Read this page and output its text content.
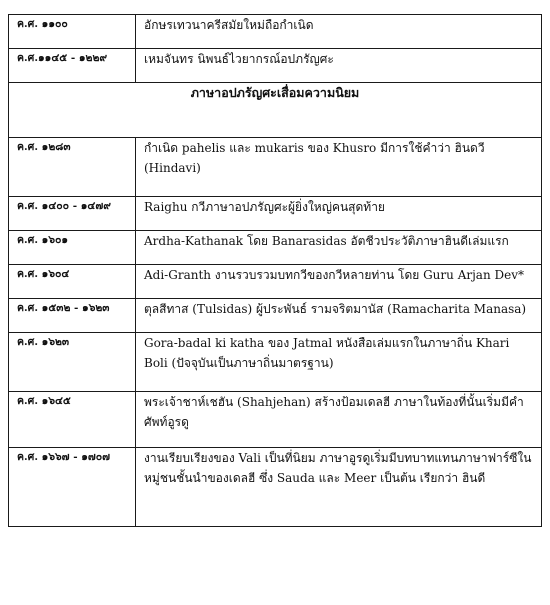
ค.ศ. ๑๑๐๐	อักษรเทวนาครีสมัยใหม่ถือกำเนิด
ค.ศ.๑๑๔๕ - ๑๒๒๙	เหมจันทร นิพนธ์ไวยากรณ์อปภรัญศะ
ภาษาอปภรัญศะเสื่อมความนิยม	
ค.ศ. ๑๒๘๓	กำเนิด pahelis และ mukaris ของ Khusro มีการใช้คำว่า ฮินดวี (Hindavi)
ค.ศ. ๑๔๐๐ - ๑๔๗๙	Raighu กวีภาษาอปภรัญศะผู้ยิ่งใหญ่คนสุดท้าย
ค.ศ. ๑๖๐๑	Ardha-Kathanak โดย Banarasidas อัตชีวประวัติภาษาฮินดีเล่มแรก
ค.ศ. ๑๖๐๔	Adi-Granth งานรวบรวมบทกวีของกวีหลายท่าน โดย Guru Arjan Dev*
ค.ศ. ๑๕๓๒ - ๑๖๒๓	ตุลสีทาส (Tulsidas) ผู้ประพันธ์ รามจริตมานัส (Ramacharita Manasa)
ค.ศ. ๑๖๒๓	Gora-badal ki katha ของ Jatmal หนังสือเล่มแรกในภาษาถิ่น Khari Boli (ปัจจุบันเป็นภาษาถิ่นมาตรฐาน)
ค.ศ. ๑๖๔๕	พระเจ้าชาห์เชฮัน (Shahjehan) สร้างป้อมเดลฮี ภาษาในท้องที่นั้นเริ่มมีคำศัพท์อูรดู
ค.ศ. ๑๖๖๗ - ๑๗๐๗	งานเรียบเรียงของ Vali เป็นที่นิยม ภาษาอูรดูเริ่มมีบทบาทแทนภาษาฟาร์ซีในหมู่ชนชั้นนำของเดลฮี ซึ่ง Sauda และ Meer เป็นต้น เรียกว่า ฮินดี
